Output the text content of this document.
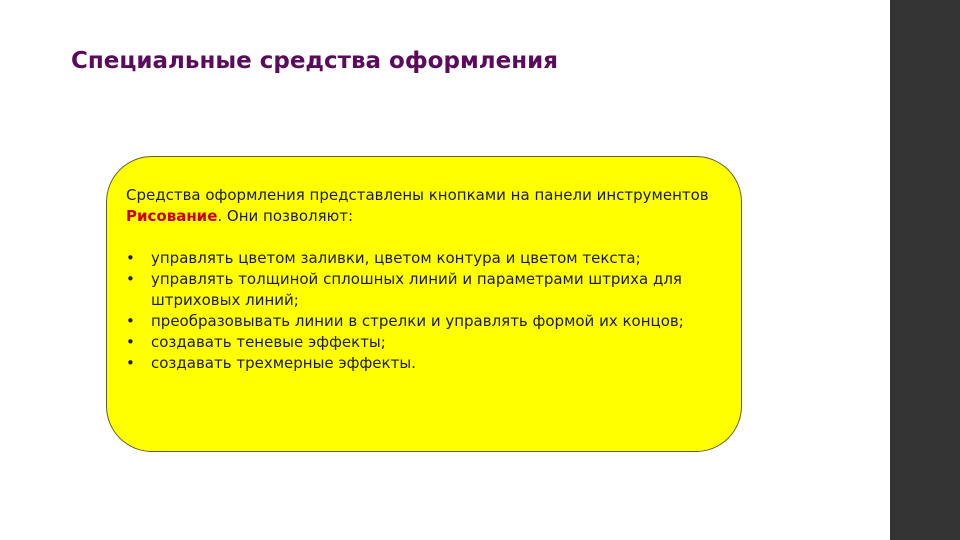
Специальные средства оформления

Средства оформления представлены кнопками на панели инструментов Рисование. Они позволяют:

• управлять цветом заливки, цветом контура и цветом текста;
• управлять толщиной сплошных линий и параметрами штриха для штриховых линий;
• преобразовывать линии в стрелки и управлять формой их концов;
• создавать теневые эффекты;
• создавать трехмерные эффекты.
